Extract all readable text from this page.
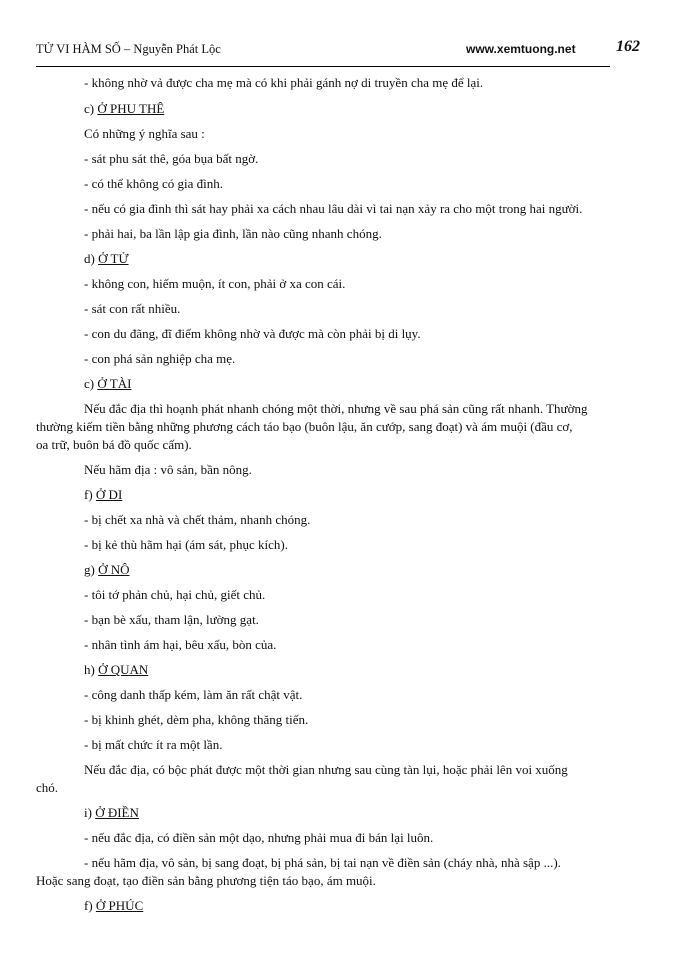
TỬ VI HÀM SỐ – Nguyễn Phát Lộc	www.xemtuong.net	162
- không nhờ vả được cha mẹ mà có khi phải gánh nợ di truyền cha mẹ để lại.
c) Ở PHU THÊ
Có những ý nghĩa sau :
- sát phu sát thê, góa bụa bất ngờ.
- có thể không có gia đình.
- nếu có gia đình thì sát hay phải xa cách nhau lâu dài vì tai nạn xảy ra cho một trong hai người.
- phải hai, ba lần lập gia đình, lần nào cũng nhanh chóng.
d) Ở TỬ
- không con, hiếm muộn, ít con, phải ở xa con cái.
- sát con rất nhiều.
- con du đãng, đĩ điếm không nhờ và được mà còn phải bị di lụy.
- con phá sản nghiệp cha mẹ.
c) Ở TÀI
Nếu đắc địa thì hoạnh phát nhanh chóng một thời, nhưng về sau phá sản cũng rất nhanh. Thường
thường kiếm tiền bằng những phương cách táo bạo (buôn lậu, ăn cướp, sang đoạt) và ám muội (đầu cơ,
oa trữ, buôn bá đồ quốc cấm).
Nếu hãm địa : vô sản, bần nông.
f) Ở DI
- bị chết xa nhà và chết thảm, nhanh chóng.
- bị kẻ thù hãm hại (ám sát, phục kích).
g) Ở NÔ
- tôi tớ phản chủ, hại chủ, giết chủ.
- bạn bè xấu, tham lận, lường gạt.
- nhân tình ám hại, bêu xấu, bòn của.
h) Ở QUAN
- công danh thấp kém, làm ăn rất chật vật.
- bị khinh ghét, dèm pha, không thăng tiến.
- bị mất chức ít ra một lần.
Nếu đắc địa, có bộc phát được một thời gian nhưng sau cùng tàn lụi, hoặc phải lên voi xuống
chó.
i) Ở ĐIỀN
- nếu đắc địa, có điền sản một dạo, nhưng phải mua đi bán lại luôn.
- nếu hãm địa, vô sản, bị sang đoạt, bị phá sản, bị tai nạn về điền sản (cháy nhà, nhà sập ...).
Hoặc sang đoạt, tạo điền sản bằng phương tiện táo bạo, ám muội.
f) Ở PHÚC
